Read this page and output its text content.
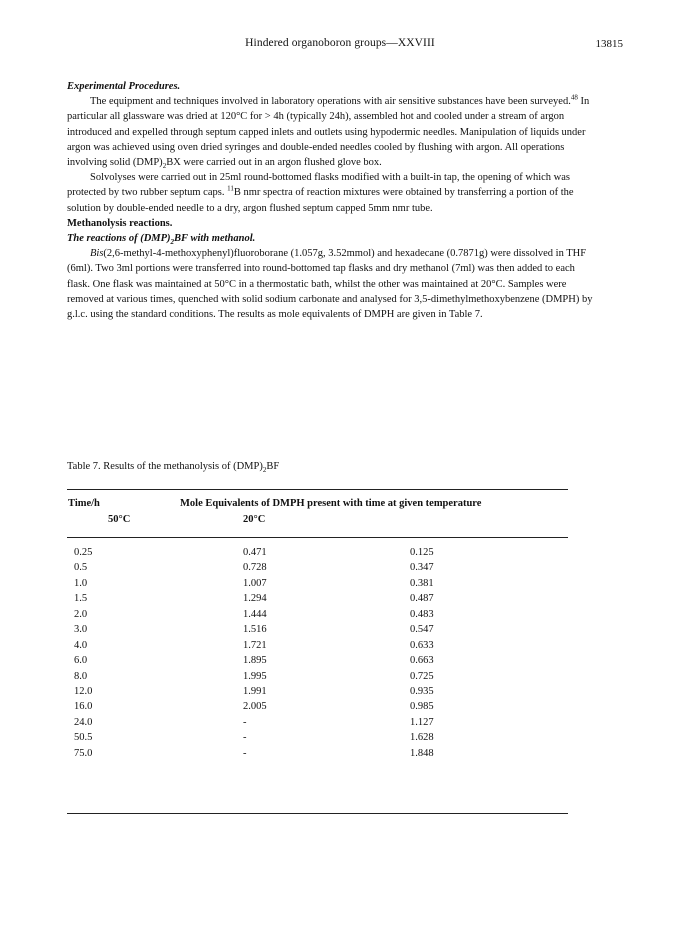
Hindered organoboron groups—XXVIII	13815

Experimental Procedures.

The equipment and techniques involved in laboratory operations with air sensitive substances have been surveyed.$^{48}$ In particular all glassware was dried at 120°C for > 4h (typically 24h), assembled hot and cooled under a stream of argon introduced and expelled through septum capped inlets and outlets using hypodermic needles. Manipulation of liquids under argon was achieved using oven dried syringes and double-ended needles cooled by flushing with argon. All operations involving solid $(DMP)_2BX$ were carried out in an argon flushed glove box.

Solvolyses were carried out in 25ml round-bottomed flasks modified with a built-in tap, the opening of which was protected by two rubber septum caps. $^{11}$B nmr spectra of reaction mixtures were obtained by transferring a portion of the solution by double-ended needle to a dry, argon flushed septum capped 5mm nmr tube.

Methanolysis reactions.

The reactions of $(DMP)_2BF$ with methanol.

Bis(2,6-methyl-4-methoxyphenyl)fluoroborane (1.057g, 3.52mmol) and hexadecane (0.7871g) were dissolved in THF (6ml). Two 3ml portions were transferred into round-bottomed tap flasks and dry methanol (7ml) was then added to each flask. One flask was maintained at 50°C in a thermostatic bath, whilst the other was maintained at 20°C. Samples were removed at various times, quenched with solid sodium carbonate and analysed for 3,5-dimethylmethoxybenzene (DMPH) by g.l.c. using the standard conditions. The results as mole equivalents of DMPH are given in Table 7.

Table 7. Results of the methanolysis of $(DMP)_2BF$
Time/h	Mole Equivalents of DMPH present with time at given temperature
50°C	20°C
0.25	0.471	0.125
0.5	0.728	0.347
1.0	1.007	0.381
1.5	1.294	0.487
2.0	1.444	0.483
3.0	1.516	0.547
4.0	1.721	0.633
6.0	1.895	0.663
8.0	1.995	0.725
12.0	1.991	0.935
16.0	2.005	0.985
24.0	-	1.127
50.5	-	1.628
75.0	-	1.848
